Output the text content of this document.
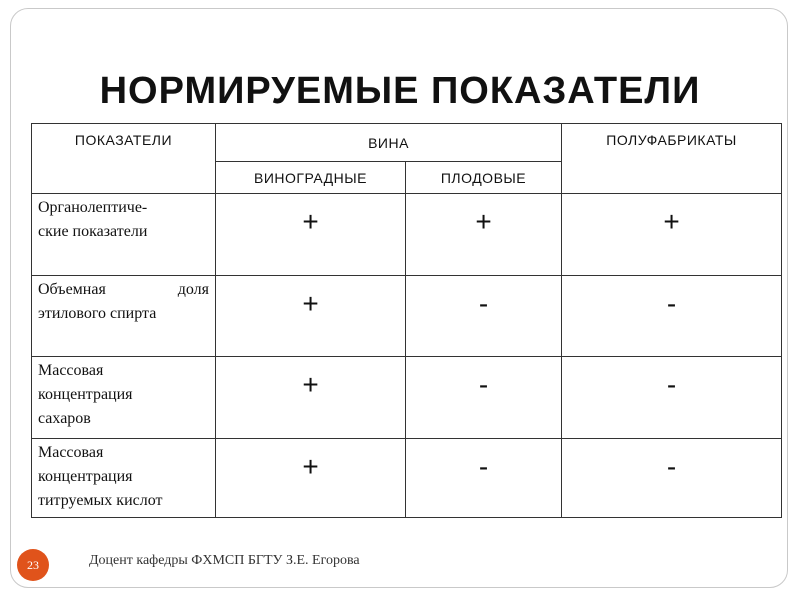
НОРМИРУЕМЫЕ ПОКАЗАТЕЛИ
ПОКАЗАТЕЛИ	ВИНА		ПОЛУФАБРИКАТЫ
	ВИНОГРАДНЫЕ	ПЛОДОВЫЕ	

Органолептиче-
ские показатели	+	+	+

Объемная доля
этилового спирта	+	-	-

Массовая
концентрация
сахаров	+	-	-

Массовая
концентрация
титруемых кислот	+	-	-
23	Доцент кафедры ФХМСП БГТУ З.Е. Егорова
